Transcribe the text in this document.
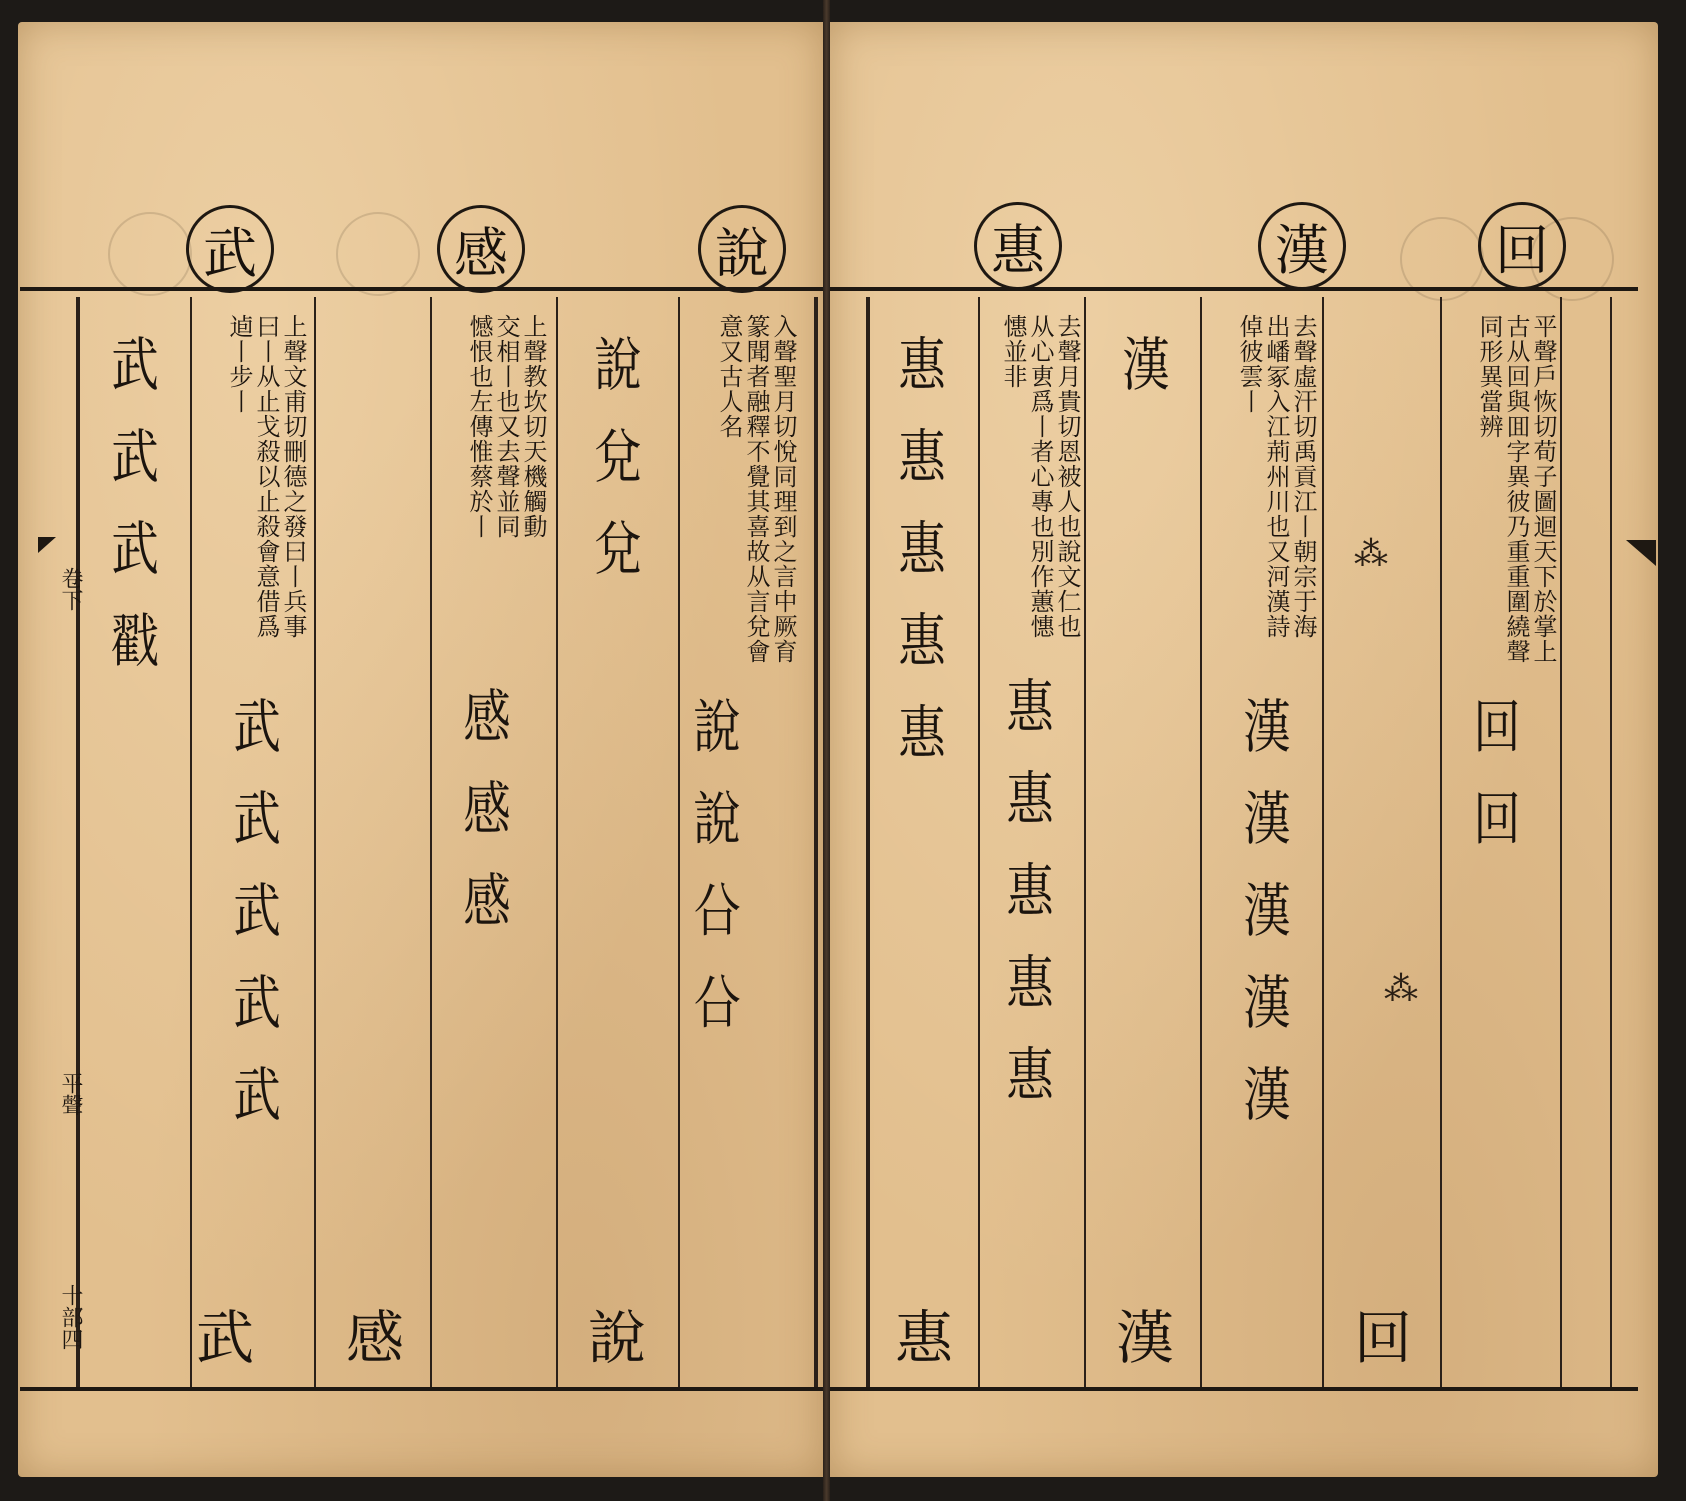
武	感	說
卷下
平聲
十部四
入聲聖月切悅同理到之言中厥育篆聞者融釋不覺其喜故从言兌會意又古人名
說
說
㕣
㕣
說
兌
兌
說
上聲教坎切天機觸動交相丨也又去聲並同憾恨也左傳惟蔡於丨
感
感
感
感
上聲文甫切刪德之發曰丨兵事曰丨从止戈殺以止殺會意借爲逌丨步丨
武
武
武
武
武
武
武
武
戳
武
惠	漢	回
平聲戶恢切荀子圖迴天下於掌上古从回與囬字異彼乃重重圍繞聲同形異當辨
回
回
⁂
⁂
回
去聲虛汗切禹貢江丨朝宗于海出嶓冢入江荊州川也又河漢詩倬彼雲丨
漢
漢
漢
漢
漢
漢
漢
去聲月貴切恩被人也說文仁也从心叀爲丨者心專也別作蕙憓憓並非
惠
惠
惠
惠
惠
惠
惠
惠
惠
惠
惠
